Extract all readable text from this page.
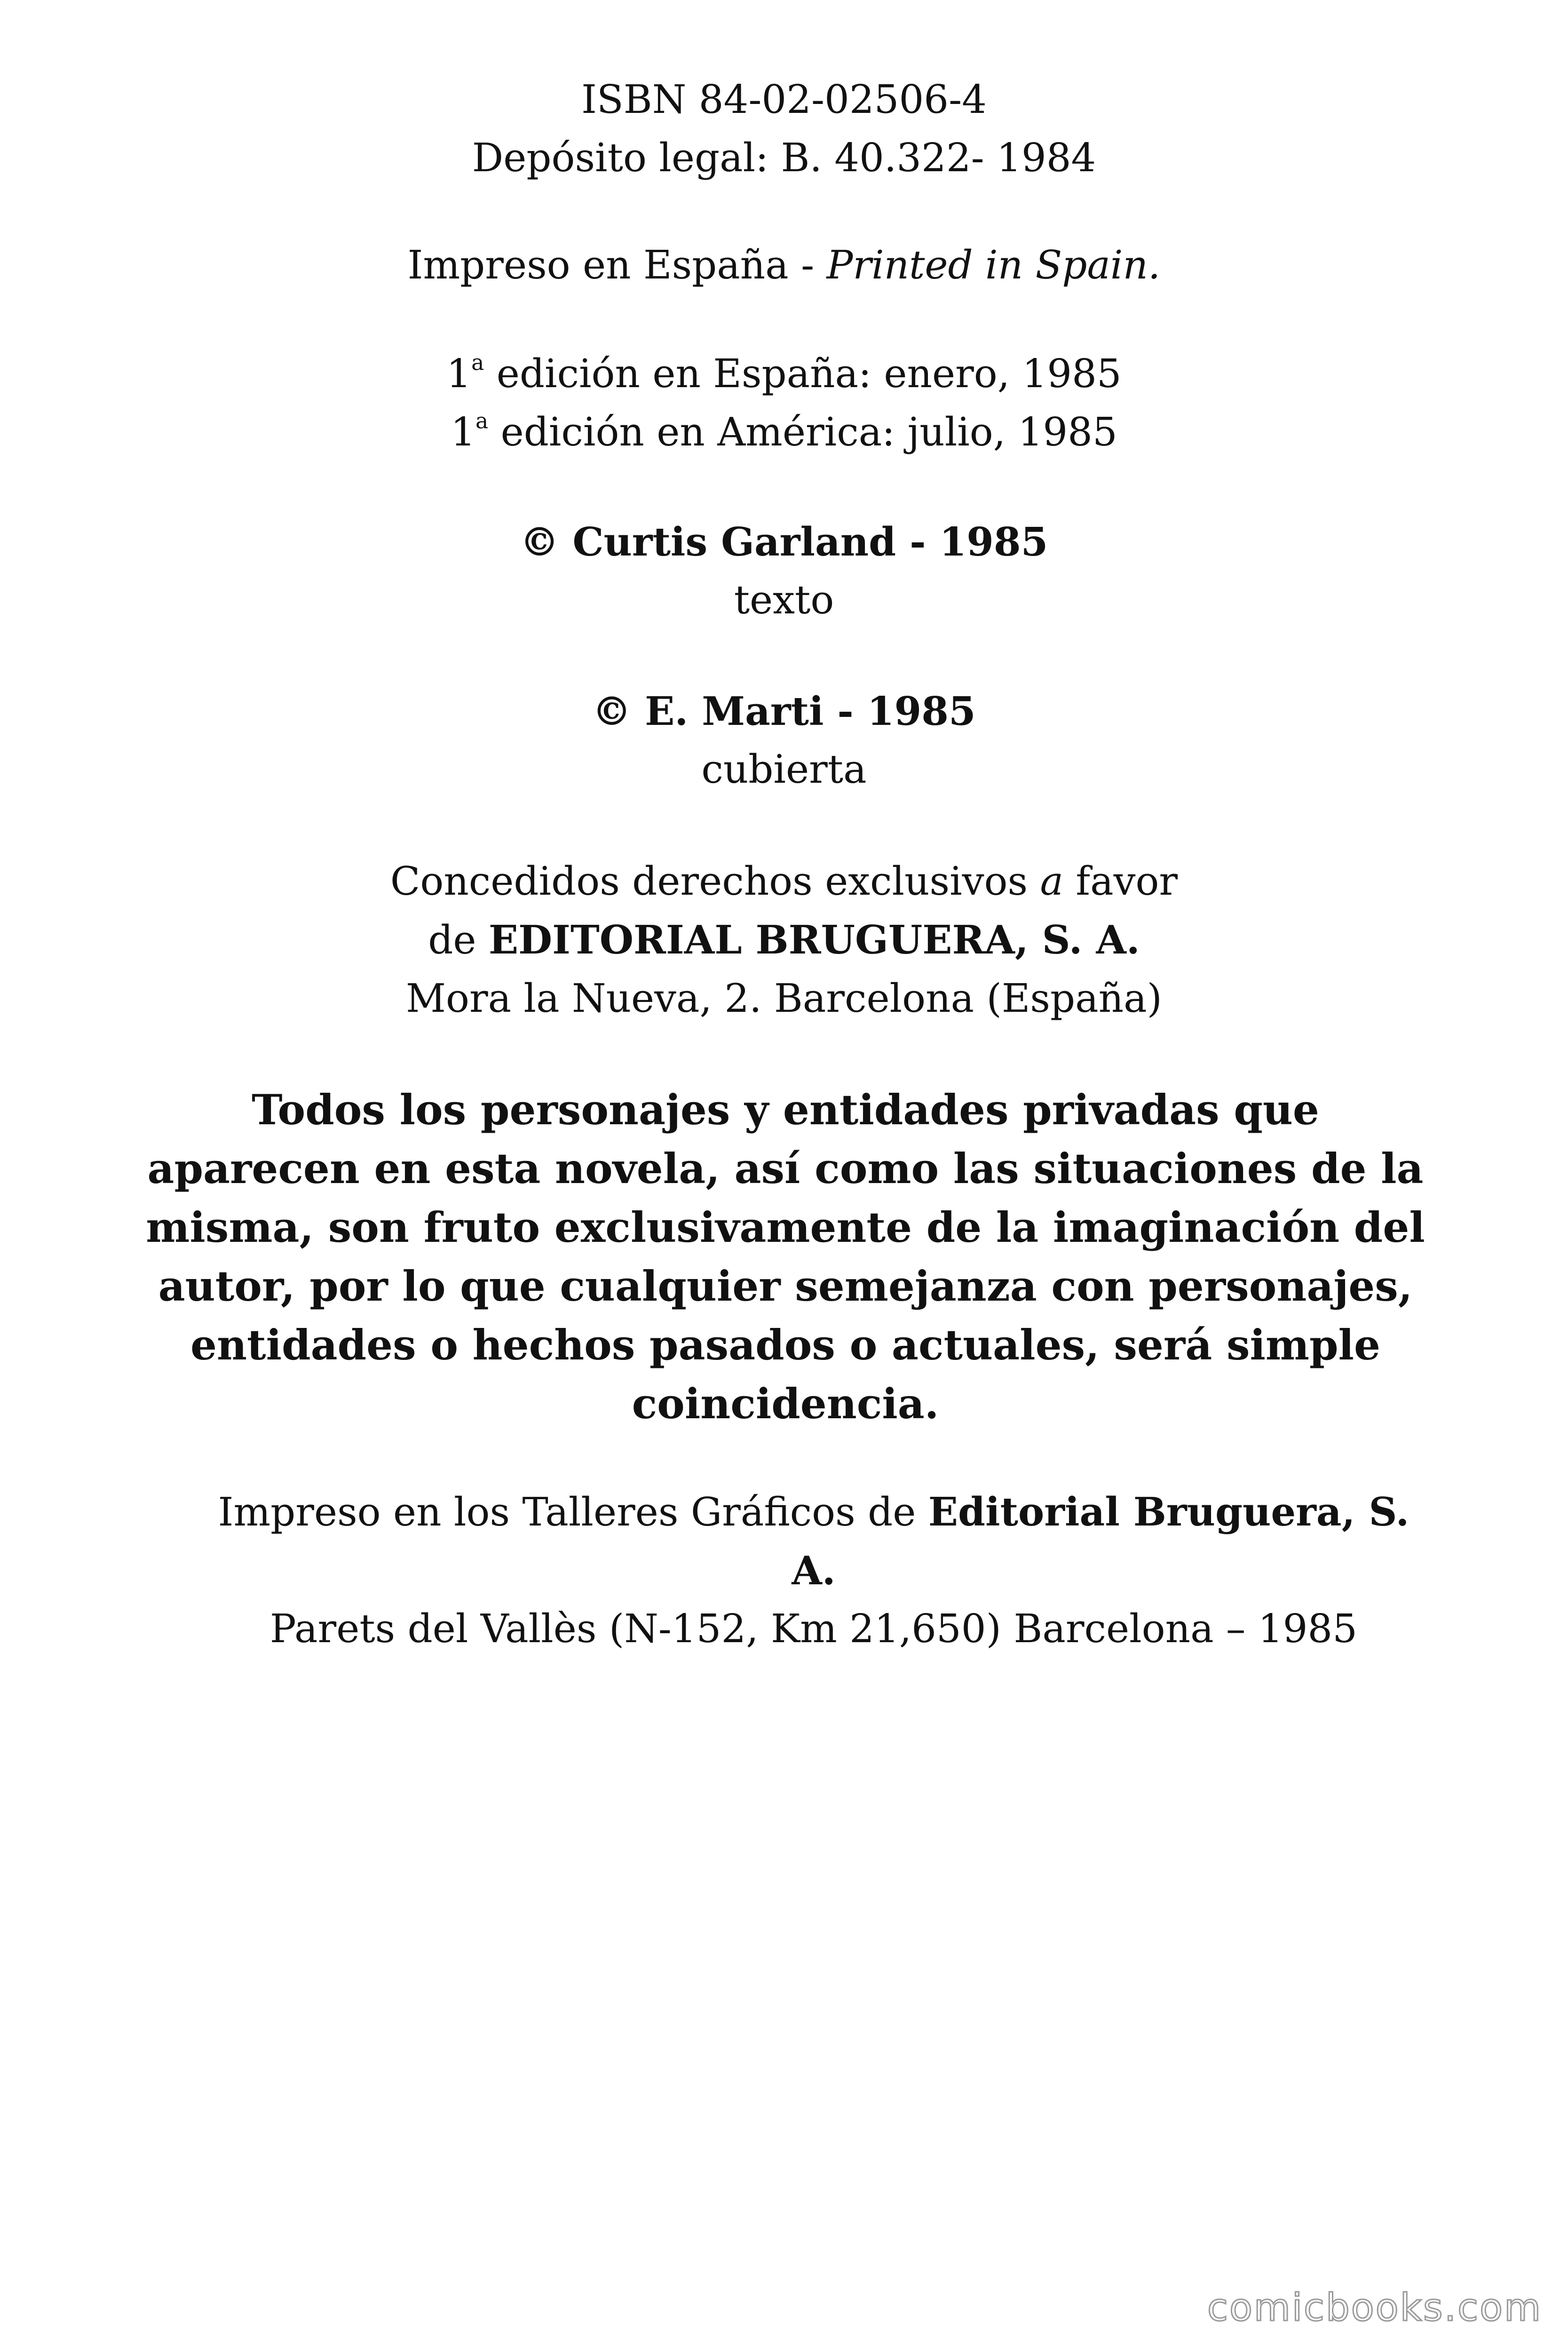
ISBN 84-02-02506-4
Depósito legal: B. 40.322- 1984
Impreso en España - Printed in Spain.
1$^a$ edición en España: enero, 1985
1$^a$ edición en América: julio, 1985
© Curtis Garland - 1985
texto
© E. Marti - 1985
cubierta
Concedidos derechos exclusivos a favor
de EDITORIAL BRUGUERA, S. A.
Mora la Nueva, 2. Barcelona (España)
Todos los personajes y entidades privadas que
aparecen en esta novela, así como las situaciones de la
misma, son fruto exclusivamente de la imaginación del
autor, por lo que cualquier semejanza con personajes,
entidades o hechos pasados o actuales, será simple
coincidencia.
Impreso en los Talleres Gráficos de Editorial Bruguera, S.
A.
Parets del Vallès (N-152, Km 21,650) Barcelona – 1985
comicbooks.com
